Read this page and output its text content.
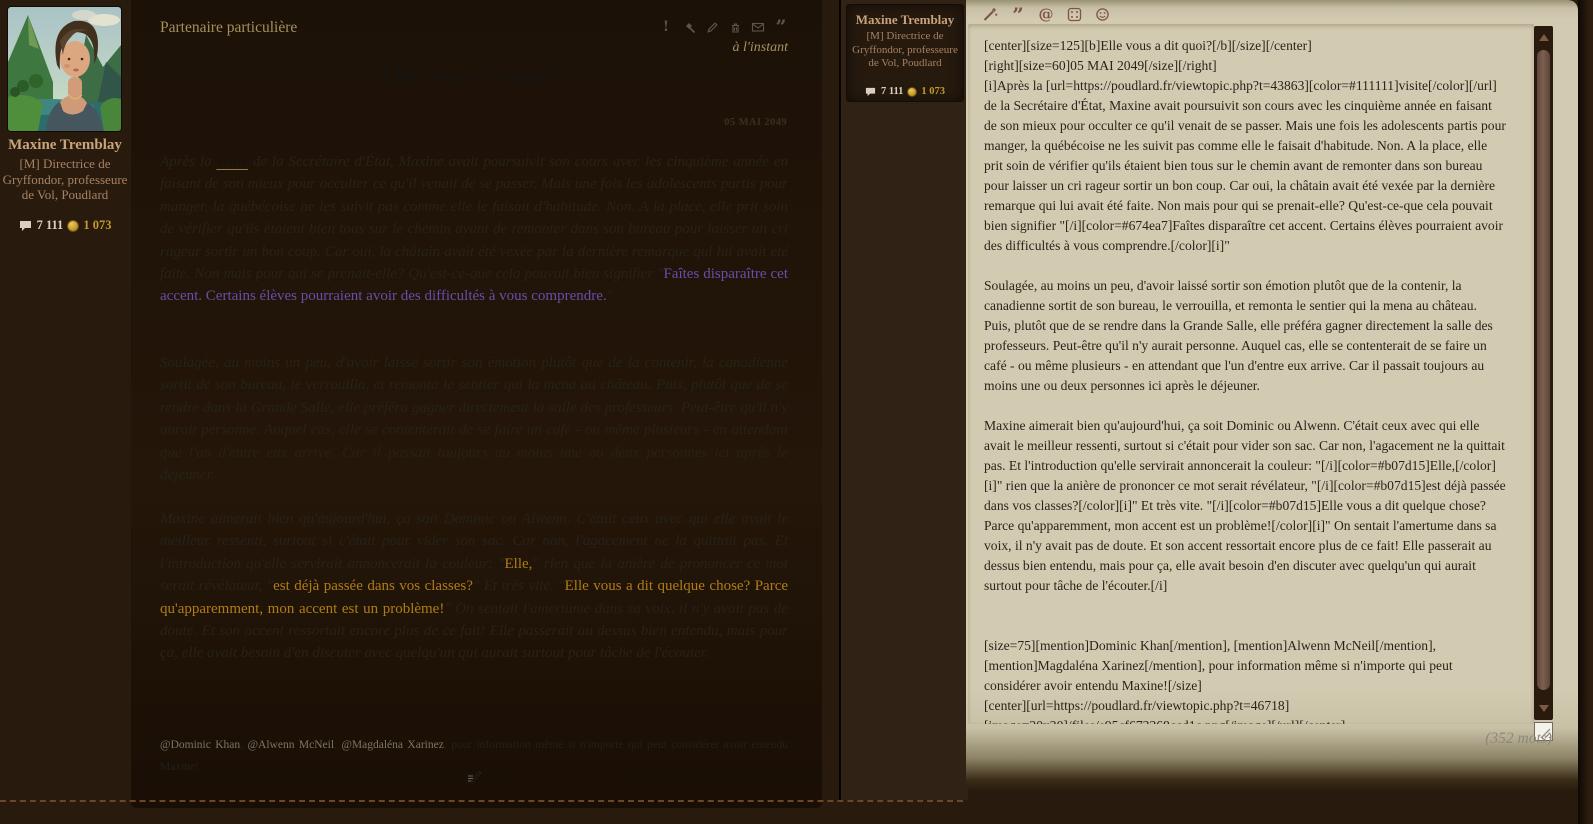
Maxine Tremblay
[M] Directrice de Gryffondor, professeure de Vol, Poudlard
7 111 1 073
Partenaire particulière	!	”
à l'instant
Elle vous a dit quoi?
05 MAI 2049
Après la visite de la Secrétaire d'État, Maxine avait poursuivit son cours avec les cinquième année en faisant de son mieux pour occulter ce qu'il venait de se passer. Mais une fois les adolescents partis pour manger, la québécoise ne les suivit pas comme elle le faisait d'habitude. Non. A la place, elle prit soin de vérifier qu'ils étaient bien tous sur le chemin avant de remonter dans son bureau pour laisser un cri rageur sortir un bon coup. Car oui, la châtain avait été vexée par la dernière remarque qui lui avait été faite. Non mais pour qui se prenait-elle? Qu'est-ce-que cela pouvait bien signifier "Faîtes disparaître cet accent. Certains élèves pourraient avoir des difficultés à vous comprendre."
Soulagée, au moins un peu, d'avoir laissé sortir son émotion plutôt que de la contenir, la canadienne sortit de son bureau, le verrouilla, et remonta le sentier qui la mena au château. Puis, plutôt que de se rendre dans la Grande Salle, elle préféra gagner directement la salle des professeurs. Peut-être qu'il n'y aurait personne. Auquel cas, elle se contenterait de se faire un café - ou même plusieurs - en attendant que l'un d'entre eux arrive. Car il passait toujours au moins une ou deux personnes ici après le déjeuner.
Maxine aimerait bien qu'aujourd'hui, ça soit Dominic ou Alwenn. C'était ceux avec qui elle avait le meilleur ressenti, surtout si c'était pour vider son sac. Car non, l'agacement ne la quittait pas. Et l'introduction qu'elle servirait annoncerait la couleur: "Elle," rien que la anière de prononcer ce mot serait révélateur, "est déjà passée dans vos classes?" Et très vite. "Elle vous a dit quelque chose? Parce qu'apparemment, mon accent est un problème!" On sentait l'amertume dans sa voix, il n'y avait pas de doute. Et son accent ressortait encore plus de ce fait! Elle passerait au dessus bien entendu, mais pour ça, elle avait besoin d'en discuter avec quelqu'un qui aurait surtout pour tâche de l'écouter.
@Dominic Khan, @Alwenn McNeil, @Magdaléna Xarinez, pour information même si n'importe qui peut considérer avoir entendu Maxine!
Maxine Tremblay
[M] Directrice de Gryffondor, professeure de Vol, Poudlard
7 111 1 073
” @
[center][size=125][b]Elle vous a dit quoi?[/b][/size][/center] [right][size=60]05 MAI 2049[/size][/right] [i]Après la [url=https://poudlard.fr/viewtopic.php?t=43863][color=#111111]visite[/color][/url] de la Secrétaire d'État, Maxine avait poursuivit son cours avec les cinquième année en faisant de son mieux pour occulter ce qu'il venait de se passer. Mais une fois les adolescents partis pour manger, la québécoise ne les suivit pas comme elle le faisait d'habitude. Non. A la place, elle prit soin de vérifier qu'ils étaient bien tous sur le chemin avant de remonter dans son bureau pour laisser un cri rageur sortir un bon coup. Car oui, la châtain avait été vexée par la dernière remarque qui lui avait été faite. Non mais pour qui se prenait-elle? Qu'est-ce-que cela pouvait bien signifier "[/i][color=#674ea7]Faîtes disparaître cet accent. Certains élèves pourraient avoir des difficultés à vous comprendre.[/color][i]" Soulagée, au moins un peu, d'avoir laissé sortir son émotion plutôt que de la contenir, la canadienne sortit de son bureau, le verrouilla, et remonta le sentier qui la mena au château. Puis, plutôt que de se rendre dans la Grande Salle, elle préféra gagner directement la salle des professeurs. Peut-être qu'il n'y aurait personne. Auquel cas, elle se contenterait de se faire un café - ou même plusieurs - en attendant que l'un d'entre eux arrive. Car il passait toujours au moins une ou deux personnes ici après le déjeuner. Maxine aimerait bien qu'aujourd'hui, ça soit Dominic ou Alwenn. C'était ceux avec qui elle avait le meilleur ressenti, surtout si c'était pour vider son sac. Car non, l'agacement ne la quittait pas. Et l'introduction qu'elle servirait annoncerait la couleur: "[/i][color=#b07d15]Elle,[/color][i]" rien que la anière de prononcer ce mot serait révélateur, "[/i][color=#b07d15]est déjà passée dans vos classes?[/color][i]" Et très vite. "[/i][color=#b07d15]Elle vous a dit quelque chose? Parce qu'apparemment, mon accent est un problème![/color][i]" On sentait l'amertume dans sa voix, il n'y avait pas de doute. Et son accent ressortait encore plus de ce fait! Elle passerait au dessus bien entendu, mais pour ça, elle avait besoin d'en discuter avec quelqu'un qui aurait surtout pour tâche de l'écouter.[/i] [size=75][mention]Dominic Khan[/mention], [mention]Alwenn McNeil[/mention], [mention]Magdaléna Xarinez[/mention], pour information même si n'importe qui peut considérer avoir entendu Maxine![/size] [center][url=https://poudlard.fr/viewtopic.php?t=46718] [image=20x20]/files/e95cf673268ccd1c.png[/image][/url][/center]
(352 mots)
